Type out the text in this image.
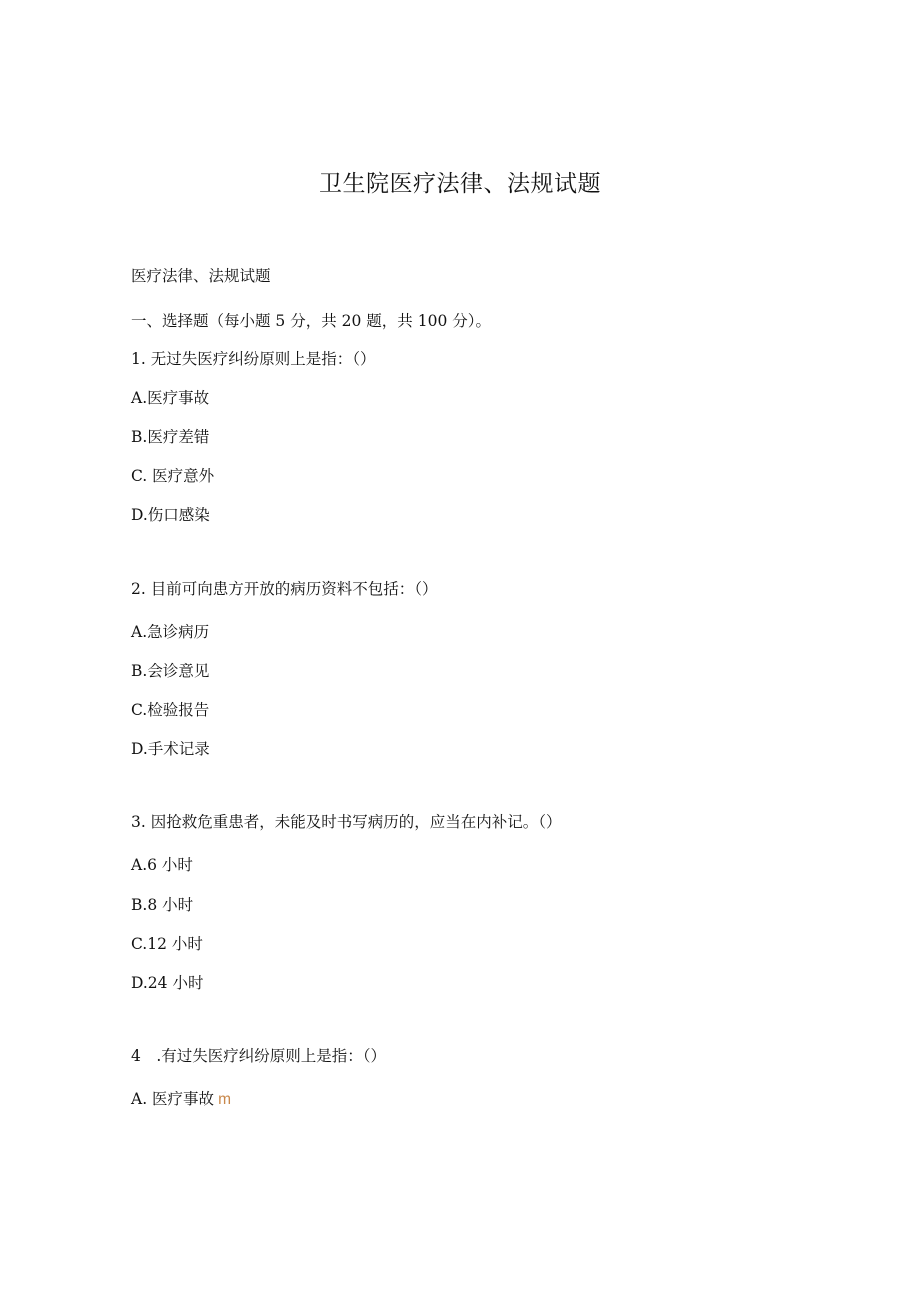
卫生院医疗法律、法规试题
医疗法律、法规试题
一、选择题（每小题 5 分，共 20 题，共 100 分）。
1. 无过失医疗纠纷原则上是指：（）
A.医疗事故
B.医疗差错
C. 医疗意外
D.伤口感染
2. 目前可向患方开放的病历资料不包括：（）
A.急诊病历
B.会诊意见
C.检验报告
D.手术记录
3. 因抢救危重患者，未能及时书写病历的，应当在内补记。（）
A.6 小时
B.8 小时
C.12 小时
D.24 小时
4　.有过失医疗纠纷原则上是指：（）
A. 医疗事故 m
